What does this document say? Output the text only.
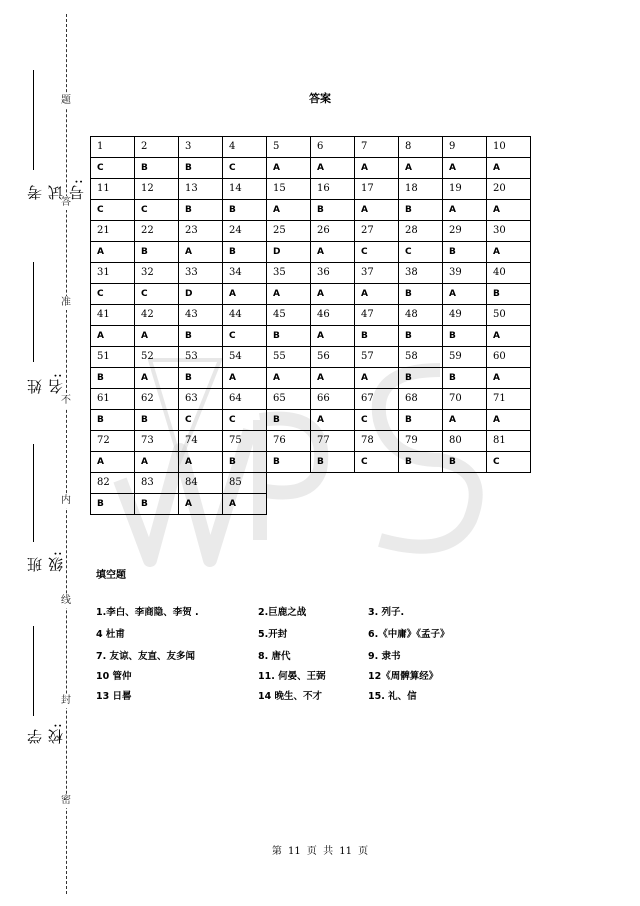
题
答
准
不
内
线
封
密
考试号:
姓名:
班级:
学校:
答案
1	2	3	4	5	6	7	8	9	10
C	B	B	C	A	A	A	A	A	A
11	12	13	14	15	16	17	18	19	20
C	C	B	B	A	B	A	B	A	A
21	22	23	24	25	26	27	28	29	30
A	B	A	B	D	A	C	C	B	A
31	32	33	34	35	36	37	38	39	40
C	C	D	A	A	A	A	B	A	B
41	42	43	44	45	46	47	48	49	50
A	A	B	C	B	A	B	B	B	A
51	52	53	54	55	56	57	58	59	60
B	A	B	A	A	A	A	B	B	A
61	62	63	64	65	66	67	68	70	71
B	B	C	C	B	A	C	B	A	A
72	73	74	75	76	77	78	79	80	81
A	A	A	B	B	B	C	B	B	C
82	83	84	85						
B	B	A	A						
填空题
1.李白、李商隐、李贺 .	2.巨鹿之战	3. 列子.
4 杜甫	5.开封	6.《中庸》《孟子》
7. 友谅、友直、友多闻	8. 唐代	9. 隶书
10 管仲	11. 何晏、王弼	12《周髀算经》
13 日晷	14 晚生、不才	15. 礼、信
第 11 页 共 11 页
